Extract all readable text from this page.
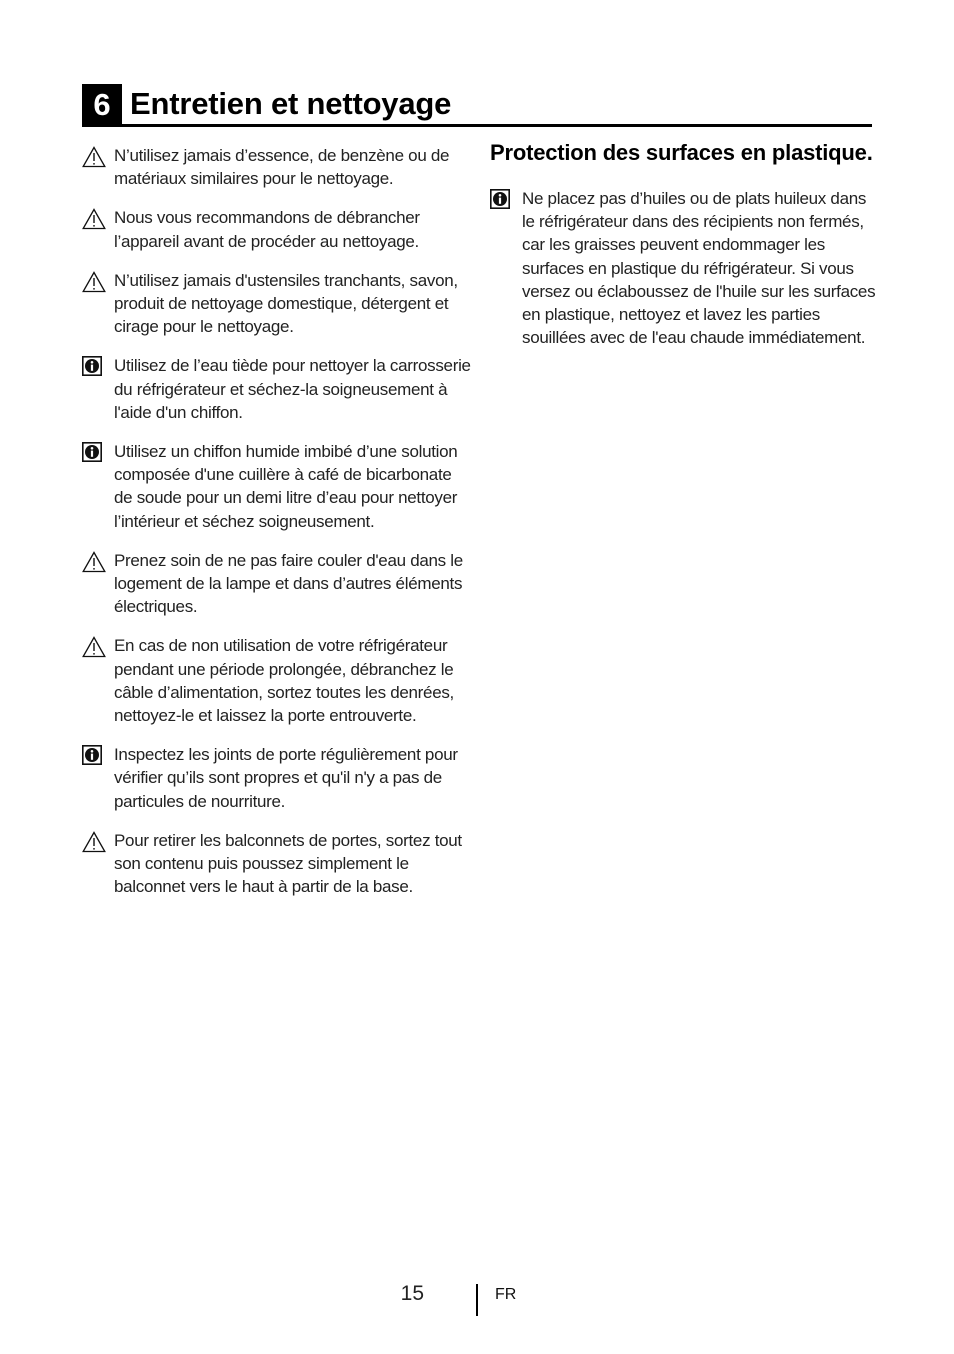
6 Entretien et nettoyage
N’utilisez jamais d’essence, de benzène ou de matériaux similaires pour le nettoyage.
Nous vous recommandons de débrancher l’appareil avant de procéder au nettoyage.
N’utilisez jamais d'ustensiles tranchants, savon, produit de nettoyage domestique, détergent et cirage pour le nettoyage.
Utilisez de l’eau tiède pour nettoyer la carrosserie du réfrigérateur et séchez-la soigneusement à l'aide d'un chiffon.
Utilisez un chiffon humide imbibé d’une solution composée d'une cuillère à café de bicarbonate de soude pour un demi litre d’eau pour nettoyer l’intérieur et séchez soigneusement.
Prenez soin de ne pas faire couler d'eau dans le logement de la lampe et dans d’autres éléments électriques.
En cas de non utilisation de votre réfrigérateur pendant une période prolongée, débranchez le câble d’alimentation, sortez toutes les denrées, nettoyez-le et laissez la porte entrouverte.
Inspectez les joints de porte régulièrement pour vérifier qu’ils sont propres et qu'il n'y a pas de particules de nourriture.
Pour retirer les balconnets de portes, sortez tout son contenu puis poussez simplement le balconnet vers le haut à partir de la base.
Protection des surfaces en plastique.
Ne placez pas d’huiles ou de plats huileux dans le réfrigérateur dans des récipients non fermés, car les graisses peuvent endommager les surfaces en plastique du réfrigérateur. Si vous versez ou éclaboussez de l'huile sur les surfaces en plastique, nettoyez et lavez les parties souillées avec de l'eau chaude immédiatement.
15	FR
